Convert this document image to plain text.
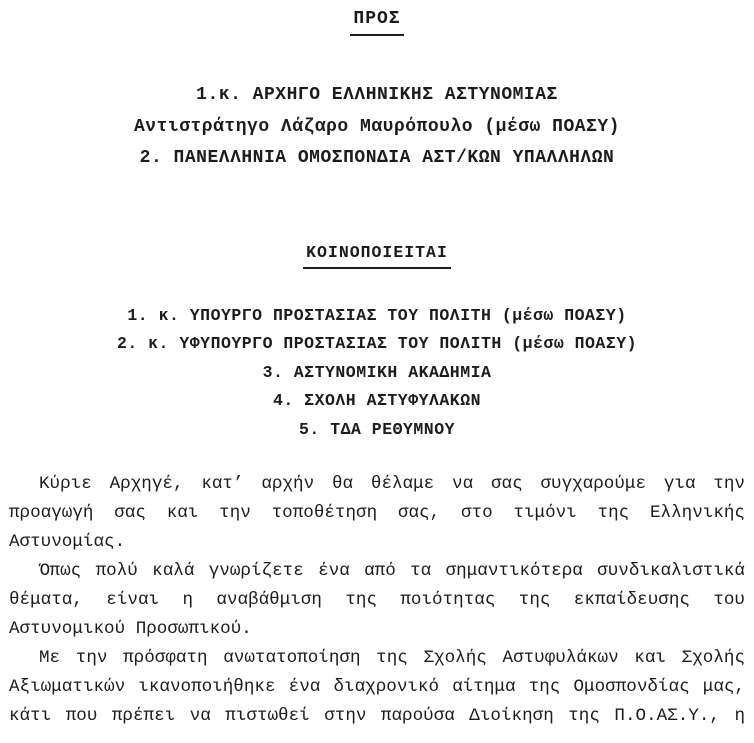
ΠΡΟΣ
1.κ. ΑΡΧΗΓΟ ΕΛΛΗΝΙΚΗΣ ΑΣΤΥΝΟΜΙΑΣ
Αντιστράτηγο Λάζαρο Μαυρόπουλο (μέσω ΠΟΑΣΥ)
2. ΠΑΝΕΛΛΗΝΙΑ ΟΜΟΣΠΟΝΔΙΑ ΑΣΤ/ΚΩΝ ΥΠΑΛΛΗΛΩΝ
ΚΟΙΝΟΠΟΙΕΙΤΑΙ
1. κ. ΥΠΟΥΡΓΟ ΠΡΟΣΤΑΣΙΑΣ ΤΟΥ ΠΟΛΙΤΗ (μέσω ΠΟΑΣΥ)
2. κ. ΥΦΥΠΟΥΡΓΟ ΠΡΟΣΤΑΣΙΑΣ ΤΟΥ ΠΟΛΙΤΗ (μέσω ΠΟΑΣΥ)
3. ΑΣΤΥΝΟΜΙΚΗ ΑΚΑΔΗΜΙΑ
4. ΣΧΟΛΗ ΑΣΤΥΦΥΛΑΚΩΝ
5. ΤΔΑ ΡΕΘΥΜΝΟΥ

Κύριε Αρχηγέ, κατ’ αρχήν θα θέλαμε να σας συγχαρούμε για την
προαγωγή σας και την τοποθέτηση σας, στο τιμόνι της Ελληνικής
Αστυνομίας.

Όπως πολύ καλά γνωρίζετε ένα από τα σημαντικότερα συνδικαλιστικά
θέματα, είναι η αναβάθμιση της ποιότητας της εκπαίδευσης του
Αστυνομικού Προσωπικού.

Με την πρόσφατη ανωτατοποίηση της Σχολής Αστυφυλάκων και Σχολής
Αξιωματικών ικανοποιήθηκε ένα διαχρονικό αίτημα της Ομοσπονδίας μας,
κάτι που πρέπει να πιστωθεί στην παρούσα Διοίκηση της Π.Ο.ΑΣ.Υ., η
